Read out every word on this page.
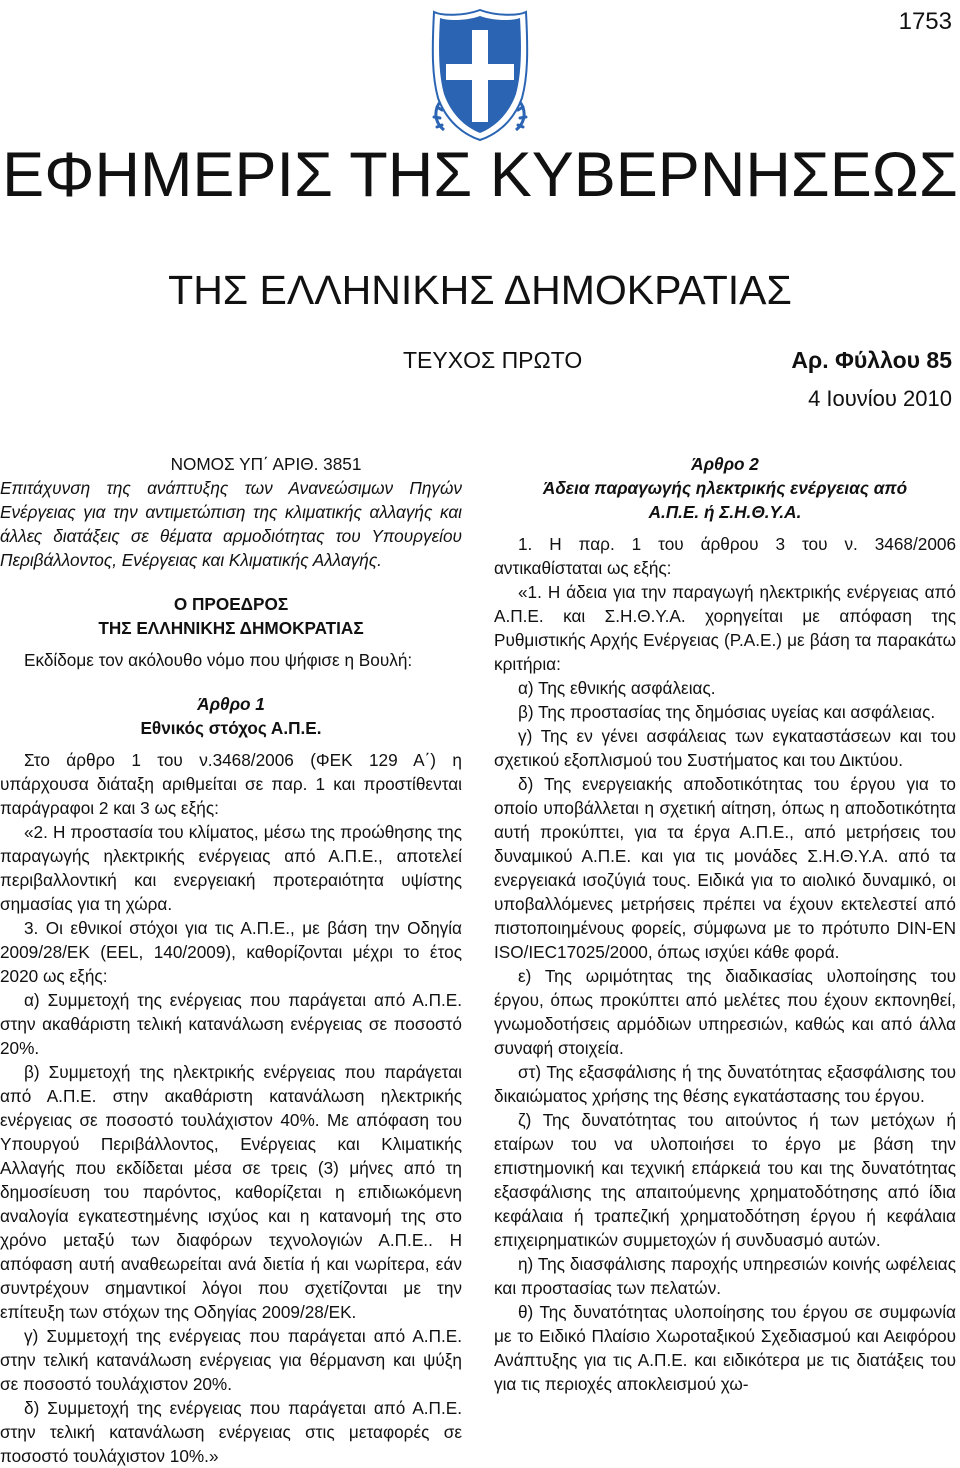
1753
ΕΦΗΜΕΡΙΣ ΤΗΣ ΚΥΒΕΡΝΗΣΕΩΣ
ΤΗΣ ΕΛΛΗΝΙΚΗΣ ΔΗΜΟΚΡΑΤΙΑΣ
ΤΕΥΧΟΣ ΠΡΩΤΟ	Αρ. Φύλλου 85
4 Ιουνίου 2010

ΝΟΜΟΣ ΥΠ΄ ΑΡΙΘ. 3851

Επιτάχυνση της ανάπτυξης των Ανανεώσιμων Πηγών Ενέργειας για την αντιμετώπιση της κλιματικής αλλαγής και άλλες διατάξεις σε θέματα αρμοδιότητας του Υπουργείου Περιβάλλοντος, Ενέργειας και Κλιματικής Αλλαγής.

Ο ΠΡΟΕΔΡΟΣ

ΤΗΣ ΕΛΛΗΝΙΚΗΣ ΔΗΜΟΚΡΑΤΙΑΣ

Εκδίδομε τον ακόλουθο νόμο που ψήφισε η Βουλή:

Άρθρο 1

Εθνικός στόχος Α.Π.Ε.

Στο άρθρο 1 του ν.3468/2006 (ΦΕΚ 129 Α΄) η υπάρχουσα διάταξη αριθμείται σε παρ. 1 και προστίθενται παράγραφοι 2 και 3 ως εξής:

«2. Η προστασία του κλίματος, μέσω της προώθησης της παραγωγής ηλεκτρικής ενέργειας από Α.Π.Ε., αποτελεί περιβαλλοντική και ενεργειακή προτεραιότητα υψίστης σημασίας για τη χώρα.

3. Οι εθνικοί στόχοι για τις Α.Π.Ε., με βάση την Οδηγία 2009/28/ΕΚ (EEL, 140/2009), καθορίζονται μέχρι το έτος 2020 ως εξής:

α) Συμμετοχή της ενέργειας που παράγεται από Α.Π.Ε. στην ακαθάριστη τελική κατανάλωση ενέργειας σε ποσοστό 20%.

β) Συμμετοχή της ηλεκτρικής ενέργειας που παράγεται από Α.Π.Ε. στην ακαθάριστη κατανάλωση ηλεκτρικής ενέργειας σε ποσοστό τουλάχιστον 40%. Με απόφαση του Υπουργού Περιβάλλοντος, Ενέργειας και Κλιματικής Αλλαγής που εκδίδεται μέσα σε τρεις (3) μήνες από τη δημοσίευση του παρόντος, καθορίζεται η επιδιωκόμενη αναλογία εγκατεστημένης ισχύος και η κατανομή της στο χρόνο μεταξύ των διαφόρων τεχνολογιών Α.Π.Ε.. Η απόφαση αυτή αναθεωρείται ανά διετία ή και νωρίτερα, εάν συντρέχουν σημαντικοί λόγοι που σχετίζονται με την επίτευξη των στόχων της Οδηγίας 2009/28/ΕΚ.

γ) Συμμετοχή της ενέργειας που παράγεται από Α.Π.Ε. στην τελική κατανάλωση ενέργειας για θέρμανση και ψύξη σε ποσοστό τουλάχιστον 20%.

δ) Συμμετοχή της ενέργειας που παράγεται από Α.Π.Ε. στην τελική κατανάλωση ενέργειας στις μεταφορές σε ποσοστό τουλάχιστον 10%.»

Άρθρο 2

Άδεια παραγωγής ηλεκτρικής ενέργειας από Α.Π.Ε. ή Σ.Η.Θ.Υ.Α.

1. Η παρ. 1 του άρθρου 3 του ν. 3468/2006 αντικαθίσταται ως εξής:

«1. Η άδεια για την παραγωγή ηλεκτρικής ενέργειας από Α.Π.Ε. και Σ.Η.Θ.Υ.Α. χορηγείται με απόφαση της Ρυθμιστικής Αρχής Ενέργειας (Ρ.Α.Ε.) με βάση τα παρακάτω κριτήρια:

α) Της εθνικής ασφάλειας.

β) Της προστασίας της δημόσιας υγείας και ασφάλειας.

γ) Της εν γένει ασφάλειας των εγκαταστάσεων και του σχετικού εξοπλισμού του Συστήματος και του Δικτύου.

δ) Της ενεργειακής αποδοτικότητας του έργου για το οποίο υποβάλλεται η σχετική αίτηση, όπως η αποδοτικότητα αυτή προκύπτει, για τα έργα Α.Π.Ε., από μετρήσεις του δυναμικού Α.Π.Ε. και για τις μονάδες Σ.Η.Θ.Υ.Α. από τα ενεργειακά ισοζύγιά τους. Ειδικά για το αιολικό δυναμικό, οι υποβαλλόμενες μετρήσεις πρέπει να έχουν εκτελεστεί από πιστοποιημένους φορείς, σύμφωνα με το πρότυπο DIN-EN ISO/IEC17025/2000, όπως ισχύει κάθε φορά.

ε) Της ωριμότητας της διαδικασίας υλοποίησης του έργου, όπως προκύπτει από μελέτες που έχουν εκπονηθεί, γνωμοδοτήσεις αρμόδιων υπηρεσιών, καθώς και από άλλα συναφή στοιχεία.

στ) Της εξασφάλισης ή της δυνατότητας εξασφάλισης του δικαιώματος χρήσης της θέσης εγκατάστασης του έργου.

ζ) Της δυνατότητας του αιτούντος ή των μετόχων ή εταίρων του να υλοποιήσει το έργο με βάση την επιστημονική και τεχνική επάρκειά του και της δυνατότητας εξασφάλισης της απαιτούμενης χρηματοδότησης από ίδια κεφάλαια ή τραπεζική χρηματοδότηση έργου ή κεφάλαια επιχειρηματικών συμμετοχών ή συνδυασμό αυτών.

η) Της διασφάλισης παροχής υπηρεσιών κοινής ωφέλειας και προστασίας των πελατών.

θ) Της δυνατότητας υλοποίησης του έργου σε συμφωνία με το Ειδικό Πλαίσιο Χωροταξικού Σχεδιασμού και Αειφόρου Ανάπτυξης για τις Α.Π.Ε. και ειδικότερα με τις διατάξεις του για τις περιοχές αποκλεισμού χω-
